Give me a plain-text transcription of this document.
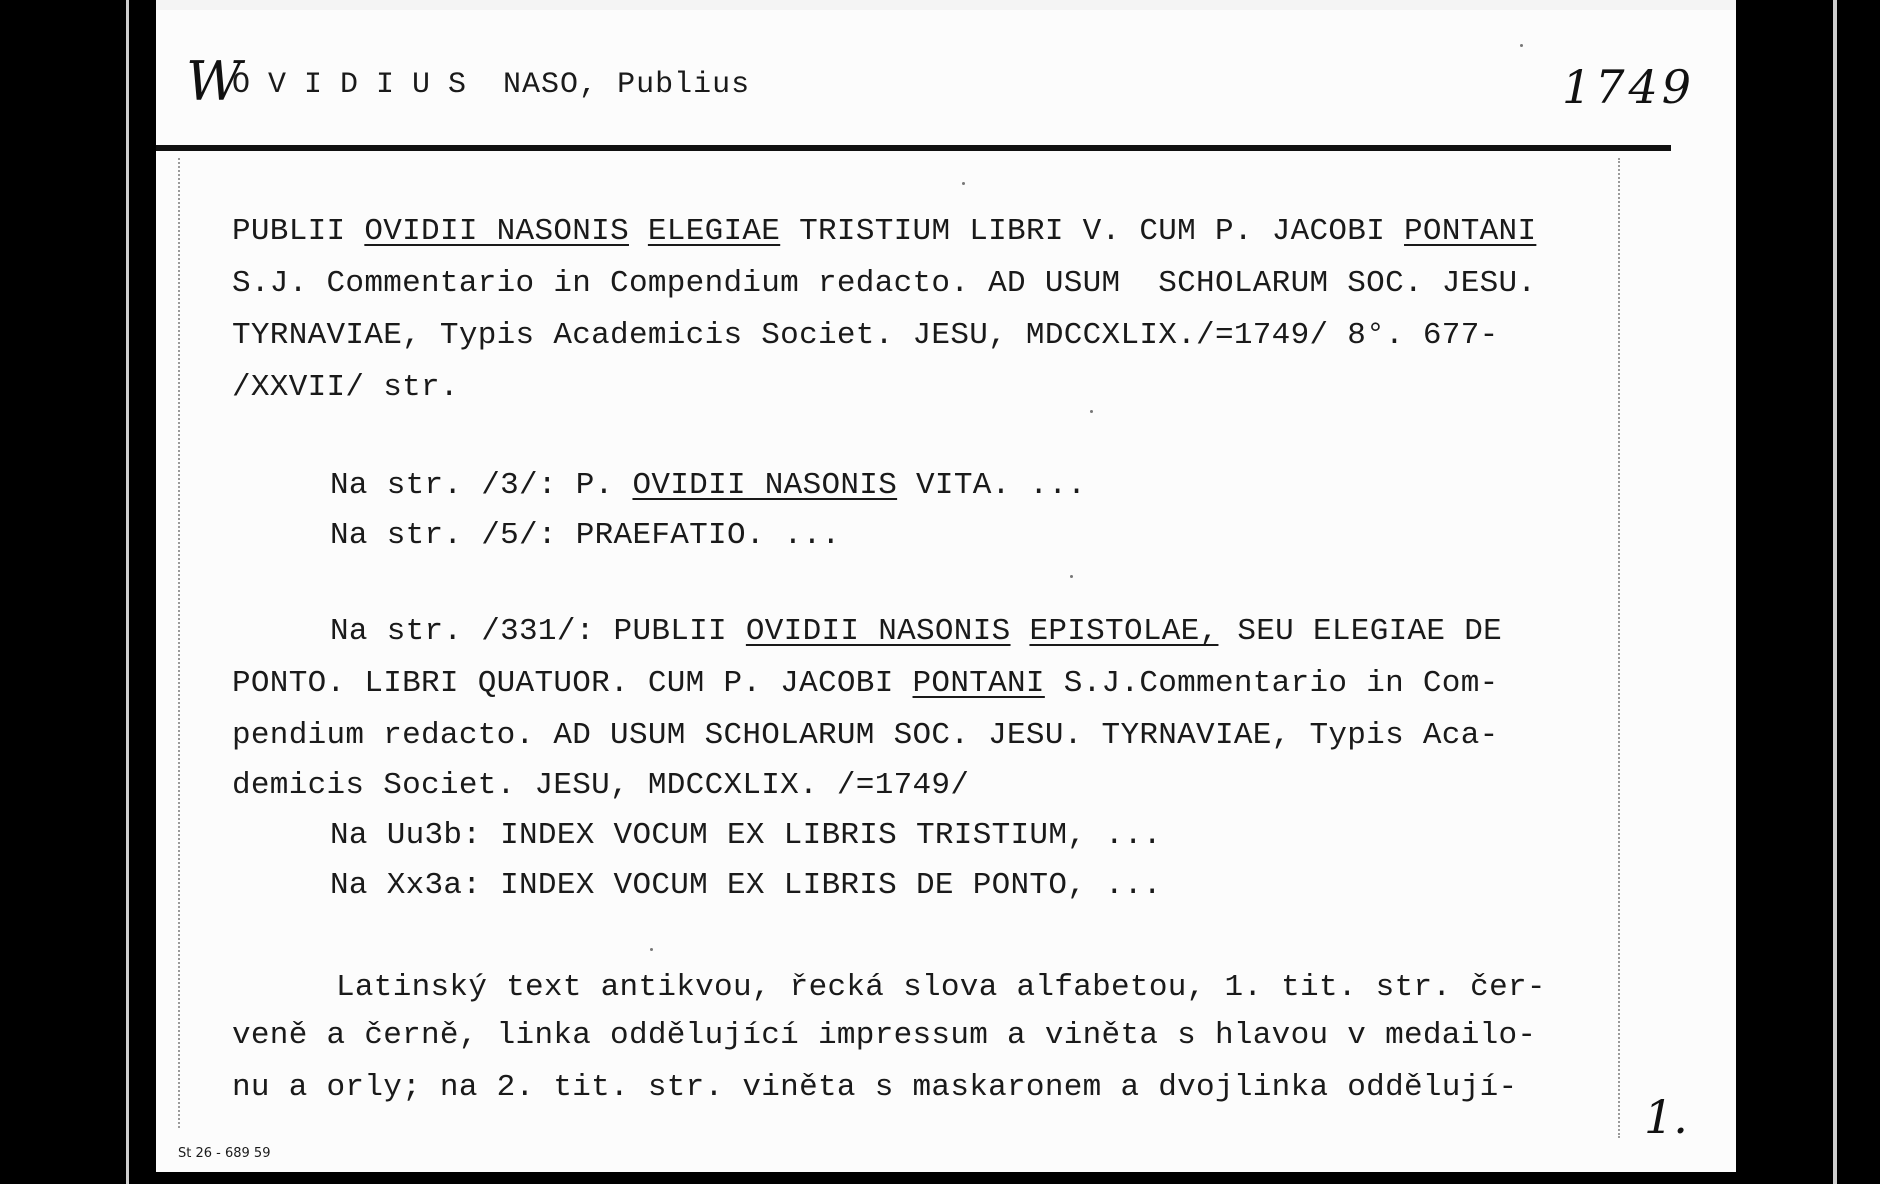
W	1749
OVIDIUS NASO, Publius
PUBLII OVIDII NASONIS ELEGIAE TRISTIUM LIBRI V. CUM P. JACOBI PONTANI
S.J. Commentario in Compendium redacto. AD USUM  SCHOLARUM SOC. JESU.
TYRNAVIAE, Typis Academicis Societ. JESU, MDCCXLIX./=1749/ 8°. 677-
/XXVII/ str.
Na str. /3/: P. OVIDII NASONIS VITA. ...
Na str. /5/: PRAEFATIO. ...
Na str. /331/: PUBLII OVIDII NASONIS EPISTOLAE, SEU ELEGIAE DE
PONTO. LIBRI QUATUOR. CUM P. JACOBI PONTANI S.J.Commentario in Com-
pendium redacto. AD USUM SCHOLARUM SOC. JESU. TYRNAVIAE, Typis Aca-
demicis Societ. JESU, MDCCXLIX. /=1749/
Na Uu3b: INDEX VOCUM EX LIBRIS TRISTIUM, ...
Na Xx3a: INDEX VOCUM EX LIBRIS DE PONTO, ...
Latinský text antikvou, řecká slova alfabetou, 1. tit. str. čer-
veně a černě, linka oddělující impressum a viněta s hlavou v medailo-
nu a orly; na 2. tit. str. viněta s maskaronem a dvojlinka oddělují-
1.
St 26 - 689 59
